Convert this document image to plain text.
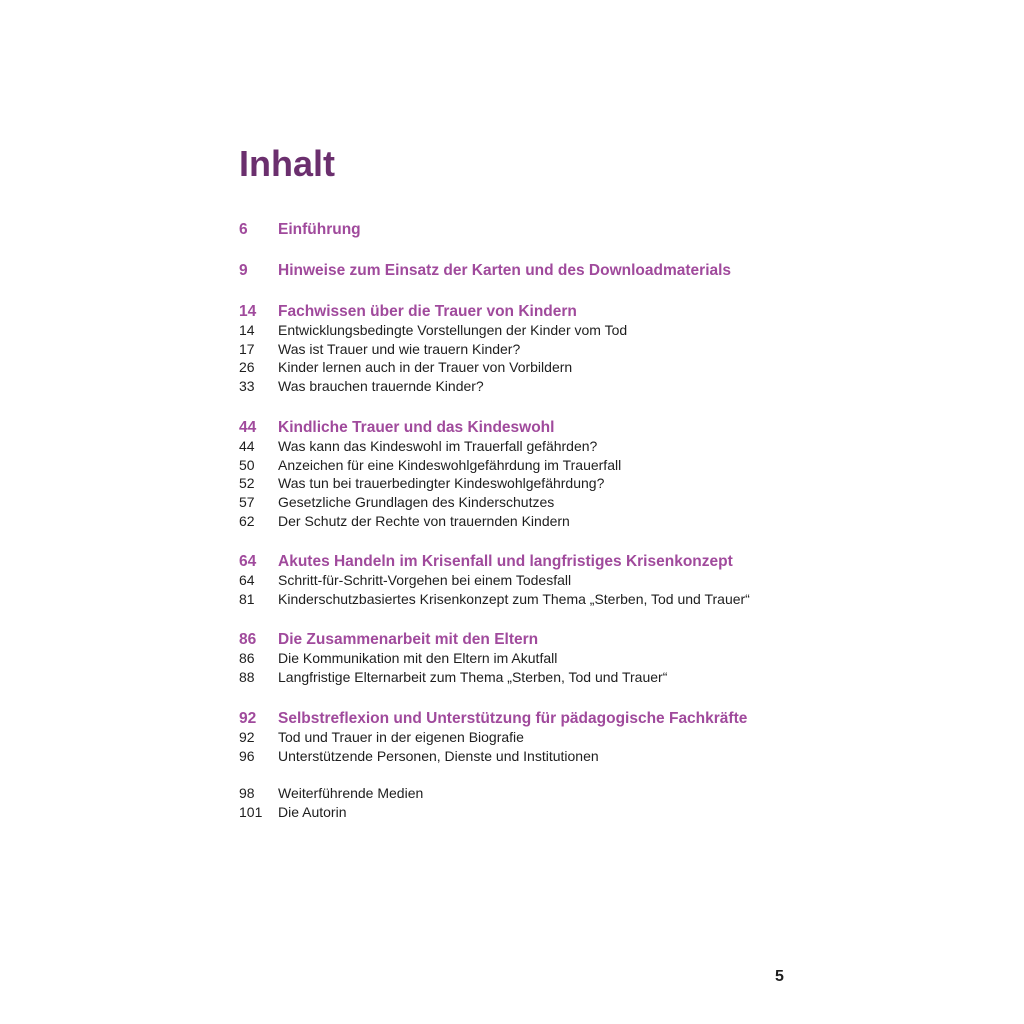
Inhalt
6	Einführung
9	Hinweise zum Einsatz der Karten und des Downloadmaterials
14	Fachwissen über die Trauer von Kindern
14	Entwicklungsbedingte Vorstellungen der Kinder vom Tod
17	Was ist Trauer und wie trauern Kinder?
26	Kinder lernen auch in der Trauer von Vorbildern
33	Was brauchen trauernde Kinder?
44	Kindliche Trauer und das Kindeswohl
44	Was kann das Kindeswohl im Trauerfall gefährden?
50	Anzeichen für eine Kindeswohlgefährdung im Trauerfall
52	Was tun bei trauerbedingter Kindeswohlgefährdung?
57	Gesetzliche Grundlagen des Kinderschutzes
62	Der Schutz der Rechte von trauernden Kindern
64	Akutes Handeln im Krisenfall und langfristiges Krisenkonzept
64	Schritt-für-Schritt-Vorgehen bei einem Todesfall
81	Kinderschutzbasiertes Krisenkonzept zum Thema „Sterben, Tod und Trauer“
86	Die Zusammenarbeit mit den Eltern
86	Die Kommunikation mit den Eltern im Akutfall
88	Langfristige Elternarbeit zum Thema „Sterben, Tod und Trauer“
92	Selbstreflexion und Unterstützung für pädagogische Fachkräfte
92	Tod und Trauer in der eigenen Biografie
96	Unterstützende Personen, Dienste und Institutionen
98	Weiterführende Medien
101	Die Autorin
5
